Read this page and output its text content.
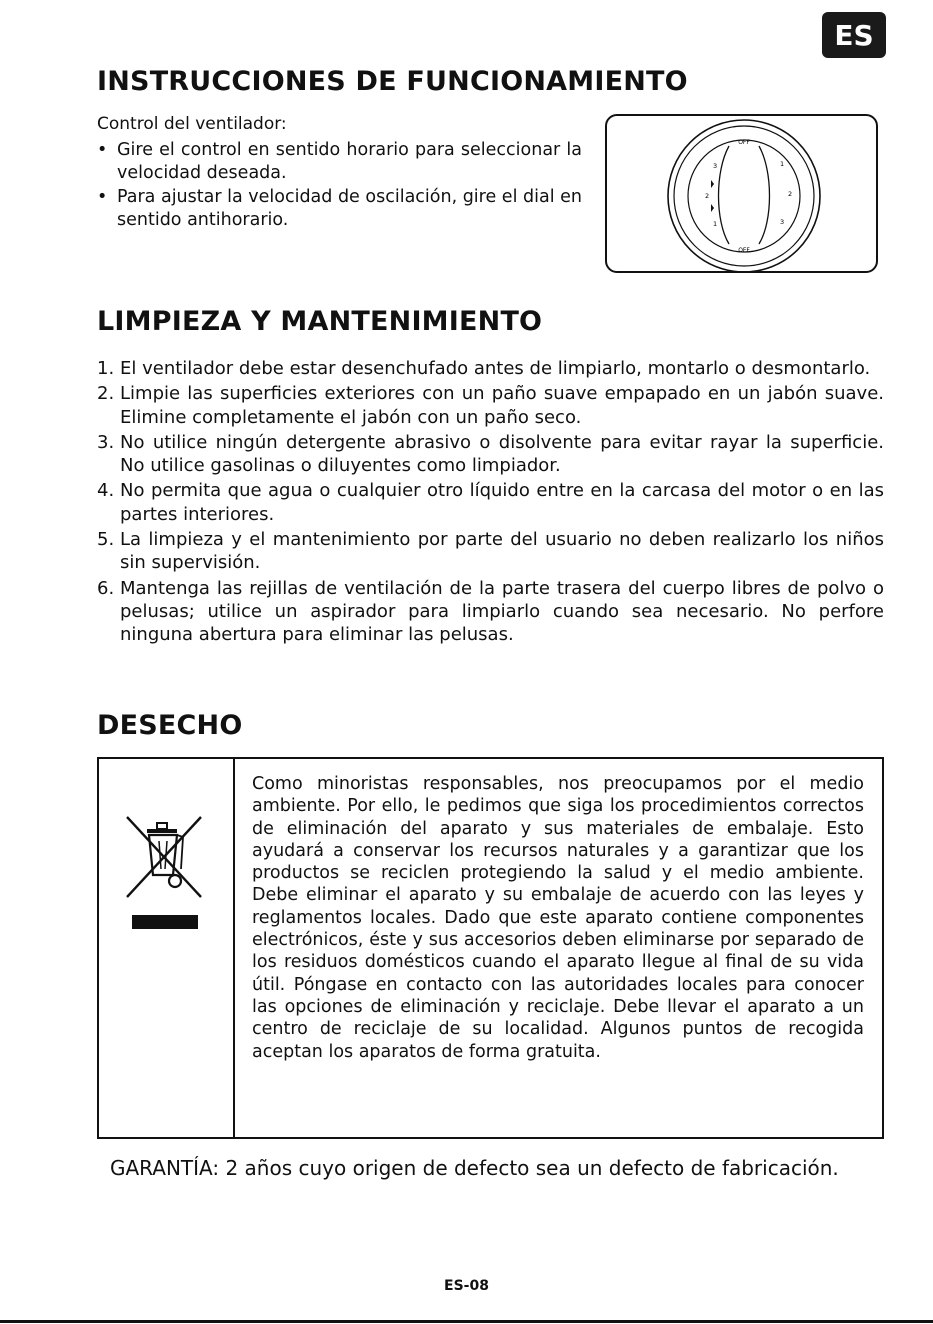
ES
INSTRUCCIONES DE FUNCIONAMIENTO

Control del ventilador:

• Gire el control en sentido horario para seleccionar la velocidad deseada.
• Para ajustar la velocidad de oscilación, gire el dial en sentido antihorario.
OFF
OFF
1
2
3
3
2
1
LIMPIEZA Y MANTENIMIENTO
1. El ventilador debe estar desenchufado antes de limpiarlo, montarlo o desmontarlo.
2. Limpie las superficies exteriores con un paño suave empapado en un jabón suave. Elimine completamente el jabón con un paño seco.
3. No utilice ningún detergente abrasivo o disolvente para evitar rayar la superficie. No utilice gasolinas o diluyentes como limpiador.
4. No permita que agua o cualquier otro líquido entre en la carcasa del motor o en las partes interiores.
5. La limpieza y el mantenimiento por parte del usuario no deben realizarlo los niños sin supervisión.
6. Mantenga las rejillas de ventilación de la parte trasera del cuerpo libres de polvo o pelusas; utilice un aspirador para limpiarlo cuando sea necesario. No perfore ninguna abertura para eliminar las pelusas.
DESECHO

Como minoristas responsables, nos preocupamos por el medio ambiente. Por ello, le pedimos que siga los procedimientos correctos de eliminación del aparato y sus materiales de embalaje. Esto ayudará a conservar los recursos naturales y a garantizar que los productos se reciclen protegiendo la salud y el medio ambiente. Debe eliminar el aparato y su embalaje de acuerdo con las leyes y reglamentos locales. Dado que este aparato contiene componentes electrónicos, éste y sus accesorios deben eliminarse por separado de los residuos domésticos cuando el aparato llegue al final de su vida útil. Póngase en contacto con las autoridades locales para conocer las opciones de eliminación y reciclaje. Debe llevar el aparato a un centro de reciclaje de su localidad. Algunos puntos de recogida aceptan los aparatos de forma gratuita.

GARANTÍA: 2 años cuyo origen de defecto sea un defecto de fabricación.

ES-08
